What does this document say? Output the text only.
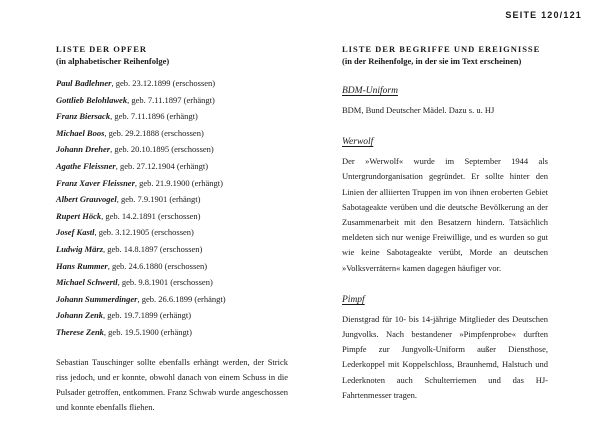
SEITE 120/121
LISTE DER OPFER
(in alphabetischer Reihenfolge)
Paul Badlehner, geb. 23.12.1899 (erschossen)
Gottlieb Belohlawek, geb. 7.11.1897 (erhängt)
Franz Biersack, geb. 7.11.1896 (erhängt)
Michael Boos, geb. 29.2.1888 (erschossen)
Johann Dreher, geb. 20.10.1895 (erschossen)
Agathe Fleissner, geb. 27.12.1904 (erhängt)
Franz Xaver Fleissner, geb. 21.9.1900 (erhängt)
Albert Grauvogel, geb. 7.9.1901 (erhängt)
Rupert Höck, geb. 14.2.1891 (erschossen)
Josef Kastl, geb. 3.12.1905 (erschossen)
Ludwig März, geb. 14.8.1897 (erschossen)
Hans Rummer, geb. 24.6.1880 (erschossen)
Michael Schwertl, geb. 9.8.1901 (erschossen)
Johann Summerdinger, geb. 26.6.1899 (erhängt)
Johann Zenk, geb. 19.7.1899 (erhängt)
Therese Zenk, geb. 19.5.1900 (erhängt)
Sebastian Tauschinger sollte ebenfalls erhängt werden, der Strick riss jedoch, und er konnte, obwohl danach von einem Schuss in die Pulsader getroffen, entkommen. Franz Schwab wurde angeschossen und konnte ebenfalls fliehen.
LISTE DER BEGRIFFE UND EREIGNISSE
(in der Reihenfolge, in der sie im Text erscheinen)
BDM-Uniform
BDM, Bund Deutscher Mädel. Dazu s. u. HJ
Werwolf
Der »Werwolf« wurde im September 1944 als Untergrundorganisation gegründet. Er sollte hinter den Linien der alliierten Truppen im von ihnen eroberten Gebiet Sabotageakte verüben und die deutsche Bevölkerung an der Zusammenarbeit mit den Besatzern hindern. Tatsächlich meldeten sich nur wenige Freiwillige, und es wurden so gut wie keine Sabotageakte verübt, Morde an deutschen »Volksverrätern« kamen dagegen häufiger vor.
Pimpf
Dienstgrad für 10- bis 14-jährige Mitglieder des Deutschen Jungvolks. Nach bestandener »Pimpfenprobe« durften Pimpfe zur Jungvolk-Uniform außer Diensthose, Lederkoppel mit Koppelschloss, Braunhemd, Halstuch und Lederknoten auch Schulterriemen und das HJ-Fahrtenmesser tragen.
